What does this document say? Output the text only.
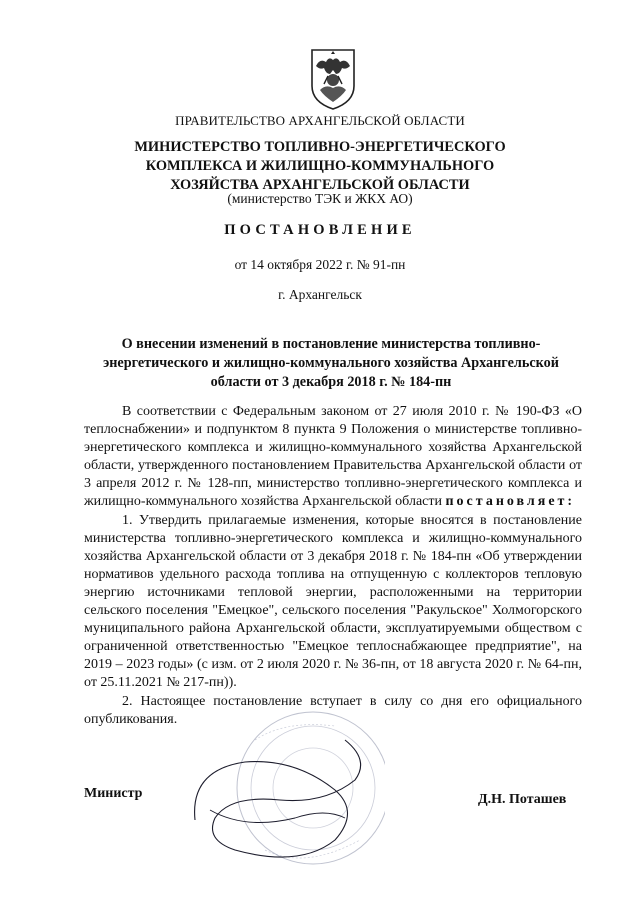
ПРАВИТЕЛЬСТВО АРХАНГЕЛЬСКОЙ ОБЛАСТИ
МИНИСТЕРСТВО ТОПЛИВНО-ЭНЕРГЕТИЧЕСКОГО
КОМПЛЕКСА И ЖИЛИЩНО-КОММУНАЛЬНОГО
ХОЗЯЙСТВА АРХАНГЕЛЬСКОЙ ОБЛАСТИ
(министерство ТЭК и ЖКХ АО)
ПОСТАНОВЛЕНИЕ
от 14 октября 2022 г. № 91-пн
г. Архангельск
О внесении изменений в постановление министерства топливно-
энергетического и жилищно-коммунального хозяйства Архангельской
области от 3 декабря 2018 г. № 184-пн

В соответствии с Федеральным законом от 27 июля 2010 г. № 190-ФЗ «О теплоснабжении» и подпунктом 8 пункта 9 Положения о министерстве топливно-энергетического комплекса и жилищно-коммунального хозяйства Архангельской области, утвержденного постановлением Правительства Архангельской области от 3 апреля 2012 г. № 128-пп, министерство топливно-энергетического комплекса и жилищно-коммунального хозяйства Архангельской области постановляет:

1. Утвердить прилагаемые изменения, которые вносятся в постановление министерства топливно-энергетического комплекса и жилищно-коммунального хозяйства Архангельской области от 3 декабря 2018 г. № 184-пн «Об утверждении нормативов удельного расхода топлива на отпущенную с коллекторов тепловую энергию источниками тепловой энергии, расположенными на территории сельского поселения "Емецкое", сельского поселения "Ракульское" Холмогорского муниципального района Архангельской области, эксплуатируемыми обществом с ограниченной ответственностью "Емецкое теплоснабжающее предприятие", на 2019 – 2023 годы» (с изм. от 2 июля 2020 г. № 36-пн, от 18 августа 2020 г. № 64-пн, от 25.11.2021 № 217-пн)).

2. Настоящее постановление вступает в силу со дня его официального опубликования.

Министр	Д.Н. Поташев
